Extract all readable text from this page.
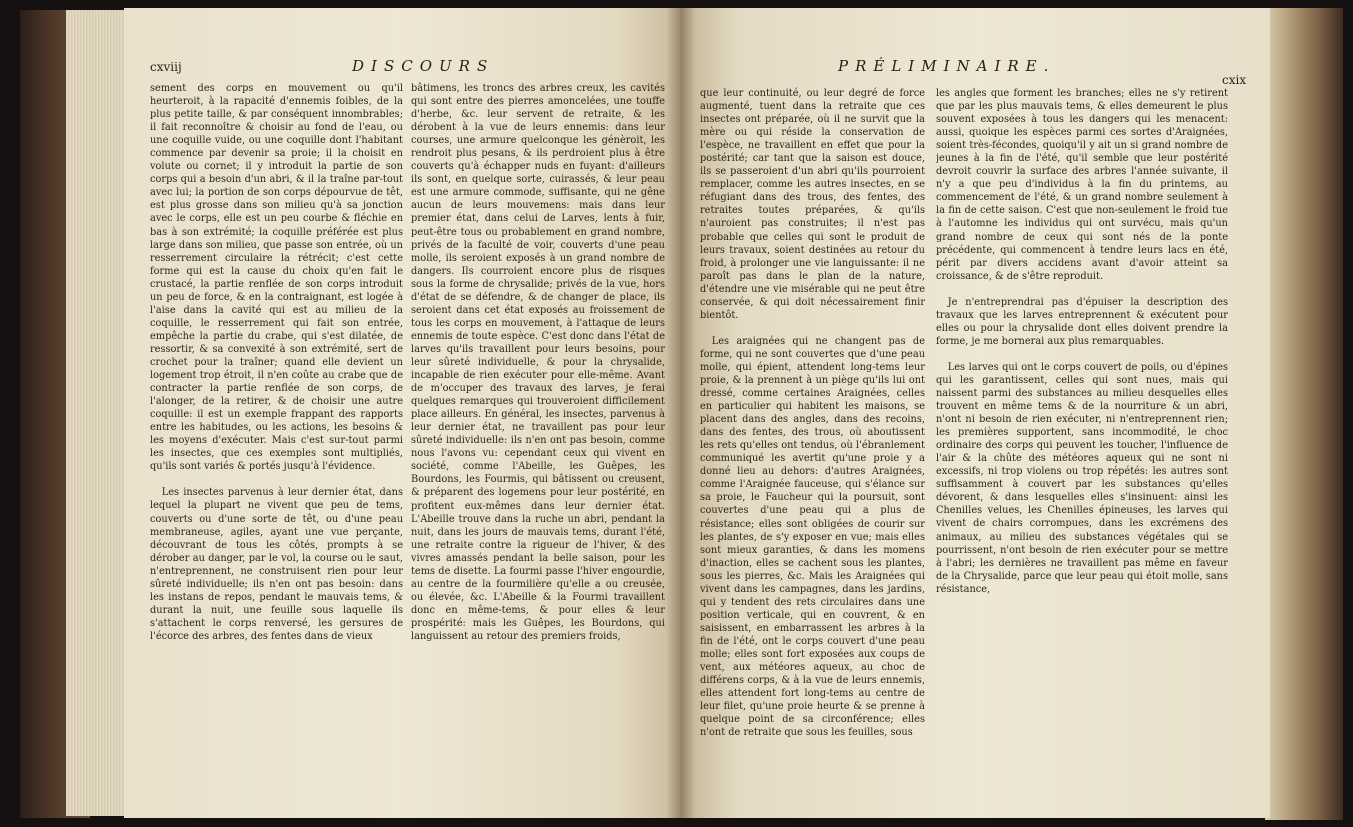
cxviij	DISCOURS	PRÉLIMINAIRE.
cxix

sement des corps en mouvement ou qu'il heurteroit, à la rapacité d'ennemis foibles, de la plus petite taille, & par conséquent innombrables; il fait reconnoître & choisir au fond de l'eau, ou une coquille vuide, ou une coquille dont l'habitant commence par devenir sa proie; il la choisit en volute ou cornet; il y introduit la partie de son corps qui a besoin d'un abri, & il la traîne par-tout avec lui; la portion de son corps dépourvue de têt, est plus grosse dans son milieu qu'à sa jonction avec le corps, elle est un peu courbe & fléchie en bas à son extrémité; la coquille préférée est plus large dans son milieu, que passe son entrée, où un resserrement circulaire la rétrécit; c'est cette forme qui est la cause du choix qu'en fait le crustacé, la partie renflée de son corps introduit un peu de force, & en la contraignant, est logée à l'aise dans la cavité qui est au milieu de la coquille, le resserrement qui fait son entrée, empêche la partie du crabe, qui s'est dilatée, de ressortir, & sa convexité à son extrémité, sert de crochet pour la traîner; quand elle devient un logement trop étroit, il n'en coûte au crabe que de contracter la partie renflée de son corps, de l'alonger, de la retirer, & de choisir une autre coquille: il est un exemple frappant des rapports entre les habitudes, ou les actions, les besoins & les moyens d'exécuter. Mais c'est sur-tout parmi les insectes, que ces exemples sont multipliés, qu'ils sont variés & portés jusqu'à l'évidence.

Les insectes parvenus à leur dernier état, dans lequel la plupart ne vivent que peu de tems, couverts ou d'une sorte de têt, ou d'une peau membraneuse, agiles, ayant une vue perçante, découvrant de tous les côtés, prompts à se dérober au danger, par le vol, la course ou le saut, n'entreprennent, ne construisent rien pour leur sûreté individuelle; ils n'en ont pas besoin: dans les instans de repos, pendant le mauvais tems, & durant la nuit, une feuille sous laquelle ils s'attachent le corps renversé, les gersures de l'écorce des arbres, des fentes dans de vieux

bâtimens, les troncs des arbres creux, les cavités qui sont entre des pierres amoncelées, une touffe d'herbe, &c. leur servent de retraite, & les dérobent à la vue de leurs ennemis: dans leur courses, une armure quelconque les génèroit, les rendroit plus pesans, & ils perdroient plus à être couverts qu'à échapper nuds en fuyant: d'ailleurs ils sont, en quelque sorte, cuirassés, & leur peau est une armure commode, suffisante, qui ne gêne aucun de leurs mouvemens: mais dans leur premier état, dans celui de Larves, lents à fuir, peut-être tous ou probablement en grand nombre, privés de la faculté de voir, couverts d'une peau molle, ils seroient exposés à un grand nombre de dangers. Ils courroient encore plus de risques sous la forme de chrysalide; privés de la vue, hors d'état de se défendre, & de changer de place, ils seroient dans cet état exposés au froissement de tous les corps en mouvement, à l'attaque de leurs ennemis de toute espèce. C'est donc dans l'état de larves qu'ils travaillent pour leurs besoins, pour leur sûreté individuelle, & pour la chrysalide, incapable de rien exécuter pour elle-même. Avant de m'occuper des travaux des larves, je ferai quelques remarques qui trouveroient difficilement place ailleurs. En général, les insectes, parvenus à leur dernier état, ne travaillent pas pour leur sûreté individuelle: ils n'en ont pas besoin, comme nous l'avons vu: cependant ceux qui vivent en société, comme l'Abeille, les Guêpes, les Bourdons, les Fourmis, qui bâtissent ou creusent, & préparent des logemens pour leur postérité, en profitent eux-mêmes dans leur dernier état. L'Abeille trouve dans la ruche un abri, pendant la nuit, dans les jours de mauvais tems, durant l'été, une retraite contre la rigueur de l'hiver, & des vivres amassés pendant la belle saison, pour les tems de disette. La fourmi passe l'hiver engourdie, au centre de la fourmilière qu'elle a ou creusée, ou élevée, &c. L'Abeille & la Fourmi travaillent donc en même-tems, & pour elles & leur prospérité: mais les Guêpes, les Bourdons, qui languissent au retour des premiers froids,

que leur continuité, ou leur degré de force augmenté, tuent dans la retraite que ces insectes ont préparée, où il ne survit que la mère ou qui réside la conservation de l'espèce, ne travaillent en effet que pour la postérité; car tant que la saison est douce, ils se passeroient d'un abri qu'ils pourroient remplacer, comme les autres insectes, en se réfugiant dans des trous, des fentes, des retraites toutes préparées, & qu'ils n'auroient pas construites; il n'est pas probable que celles qui sont le produit de leurs travaux, soient destinées au retour du froid, à prolonger une vie languissante: il ne paroît pas dans le plan de la nature, d'étendre une vie misérable qui ne peut être conservée, & qui doit nécessairement finir bientôt.

Les araignées qui ne changent pas de forme, qui ne sont couvertes que d'une peau molle, qui épient, attendent long-tems leur proie, & la prennent à un piège qu'ils lui ont dressé, comme certaines Araignées, celles en particulier qui habitent les maisons, se placent dans des angles, dans des recoins, dans des fentes, des trous, où aboutissent les rets qu'elles ont tendus, où l'ébranlement communiqué les avertit qu'une proie y a donné lieu au dehors: d'autres Araignées, comme l'Araignée fauceuse, qui s'élance sur sa proie, le Faucheur qui la poursuit, sont couvertes d'une peau qui a plus de résistance; elles sont obligées de courir sur les plantes, de s'y exposer en vue; mais elles sont mieux garanties, & dans les momens d'inaction, elles se cachent sous les plantes, sous les pierres, &c. Mais les Araignées qui vivent dans les campagnes, dans les jardins, qui y tendent des rets circulaires dans une position verticale, qui en couvrent, & en saisissent, en embarrassent les arbres à la fin de l'été, ont le corps couvert d'une peau molle; elles sont fort exposées aux coups de vent, aux météores aqueux, au choc de différens corps, & à la vue de leurs ennemis, elles attendent fort long-tems au centre de leur filet, qu'une proie heurte & se prenne à quelque point de sa circonférence; elles n'ont de retraite que sous les feuilles, sous

les angles que forment les branches; elles ne s'y retirent que par les plus mauvais tems, & elles demeurent le plus souvent exposées à tous les dangers qui les menacent: aussi, quoique les espèces parmi ces sortes d'Araignées, soient très-fécondes, quoiqu'il y ait un si grand nombre de jeunes à la fin de l'été, qu'il semble que leur postérité devroit couvrir la surface des arbres l'année suivante, il n'y a que peu d'individus à la fin du printems, au commencement de l'été, & un grand nombre seulement à la fin de cette saison. C'est que non-seulement le froid tue à l'automne les individus qui ont survécu, mais qu'un grand nombre de ceux qui sont nés de la ponte précédente, qui commencent à tendre leurs lacs en été, périt par divers accidens avant d'avoir atteint sa croissance, & de s'être reproduit.

Je n'entreprendrai pas d'épuiser la description des travaux que les larves entreprennent & exécutent pour elles ou pour la chrysalide dont elles doivent prendre la forme, je me bornerai aux plus remarquables.

Les larves qui ont le corps couvert de poils, ou d'épines qui les garantissent, celles qui sont nues, mais qui naissent parmi des substances au milieu desquelles elles trouvent en même tems & de la nourriture & un abri, n'ont ni besoin de rien exécuter, ni n'entreprennent rien; les premières supportent, sans incommodité, le choc ordinaire des corps qui peuvent les toucher, l'influence de l'air & la chûte des météores aqueux qui ne sont ni excessifs, ni trop violens ou trop répétés: les autres sont suffisamment à couvert par les substances qu'elles dévorent, & dans lesquelles elles s'insinuent: ainsi les Chenilles velues, les Chenilles épineuses, les larves qui vivent de chairs corrompues, dans les excrémens des animaux, au milieu des substances végétales qui se pourrissent, n'ont besoin de rien exécuter pour se mettre à l'abri; les dernières ne travaillent pas même en faveur de la Chrysalide, parce que leur peau qui étoit molle, sans résistance,
